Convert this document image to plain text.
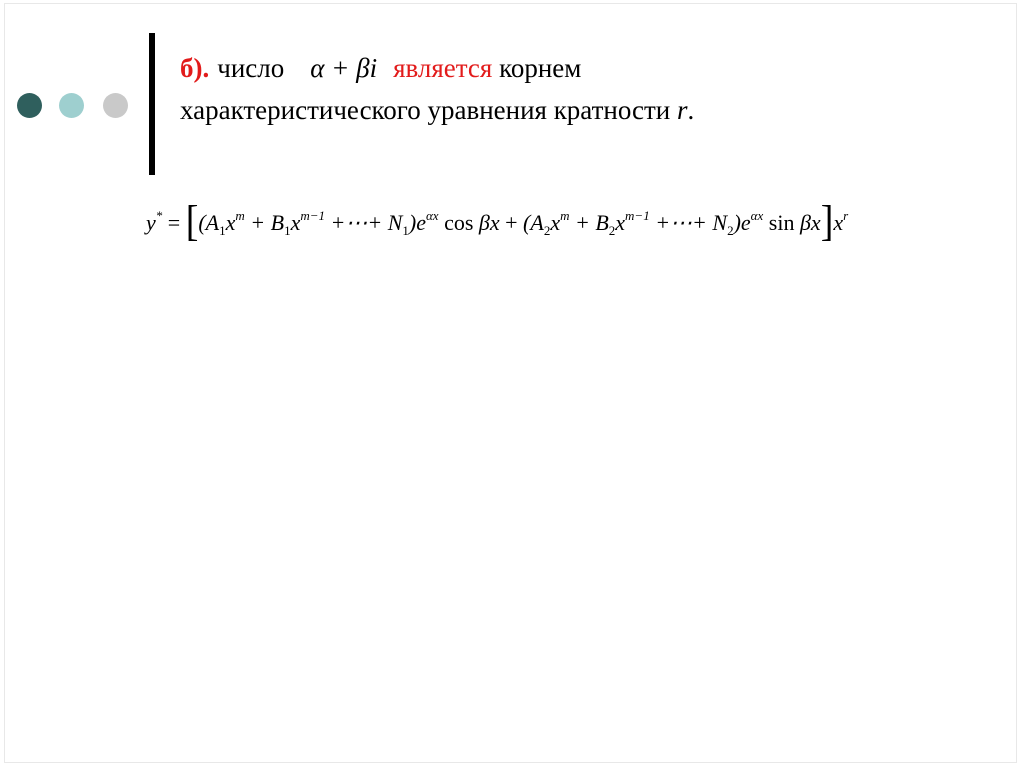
б). число α + βi является корнем
характеристического уравнения кратности r.
$y^* = [(A_1x^m + B_1x^{m-1}$ +⋯+ $N_1)e^{\alpha x}$ $\cos \beta x + (A_2x^m + B_2x^{m-1}$ +⋯+ $N_2)e^{\alpha x}$ $\sin \beta x]x^r$
